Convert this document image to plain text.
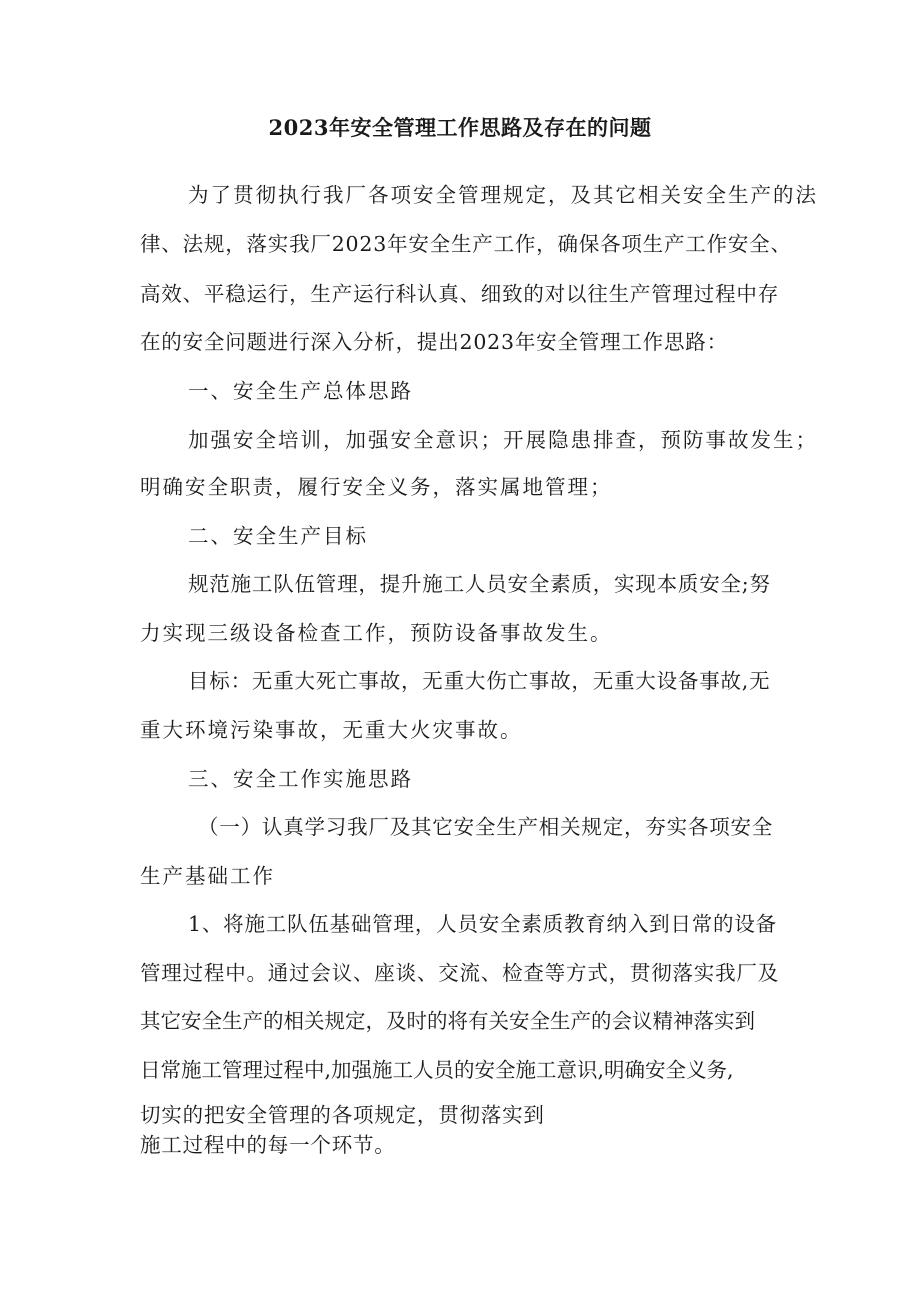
2023年安全管理工作思路及存在的问题

为了贯彻执行我厂各项安全管理规定，及其它相关安全生产的法

律、法规，落实我厂2023年安全生产工作，确保各项生产工作安全、

高效、平稳运行，生产运行科认真、细致的对以往生产管理过程中存

在的安全问题进行深入分析，提出2023年安全管理工作思路：

一、安全生产总体思路

加强安全培训，加强安全意识；开展隐患排查，预防事故发生；

明确安全职责，履行安全义务，落实属地管理；

二、安全生产目标

规范施工队伍管理，提升施工人员安全素质，实现本质安全;努

力实现三级设备检查工作，预防设备事故发生。

目标：无重大死亡事故，无重大伤亡事故，无重大设备事故,无

重大环境污染事故，无重大火灾事故。

三、安全工作实施思路

（一）认真学习我厂及其它安全生产相关规定，夯实各项安全

生产基础工作

1、将施工队伍基础管理，人员安全素质教育纳入到日常的设备

管理过程中。通过会议、座谈、交流、检查等方式，贯彻落实我厂及

其它安全生产的相关规定，及时的将有关安全生产的会议精神落实到

日常施工管理过程中,加强施工人员的安全施工意识,明确安全义务,

切实的把安全管理的各项规定，贯彻落实到

施工过程中的每一个环节。
